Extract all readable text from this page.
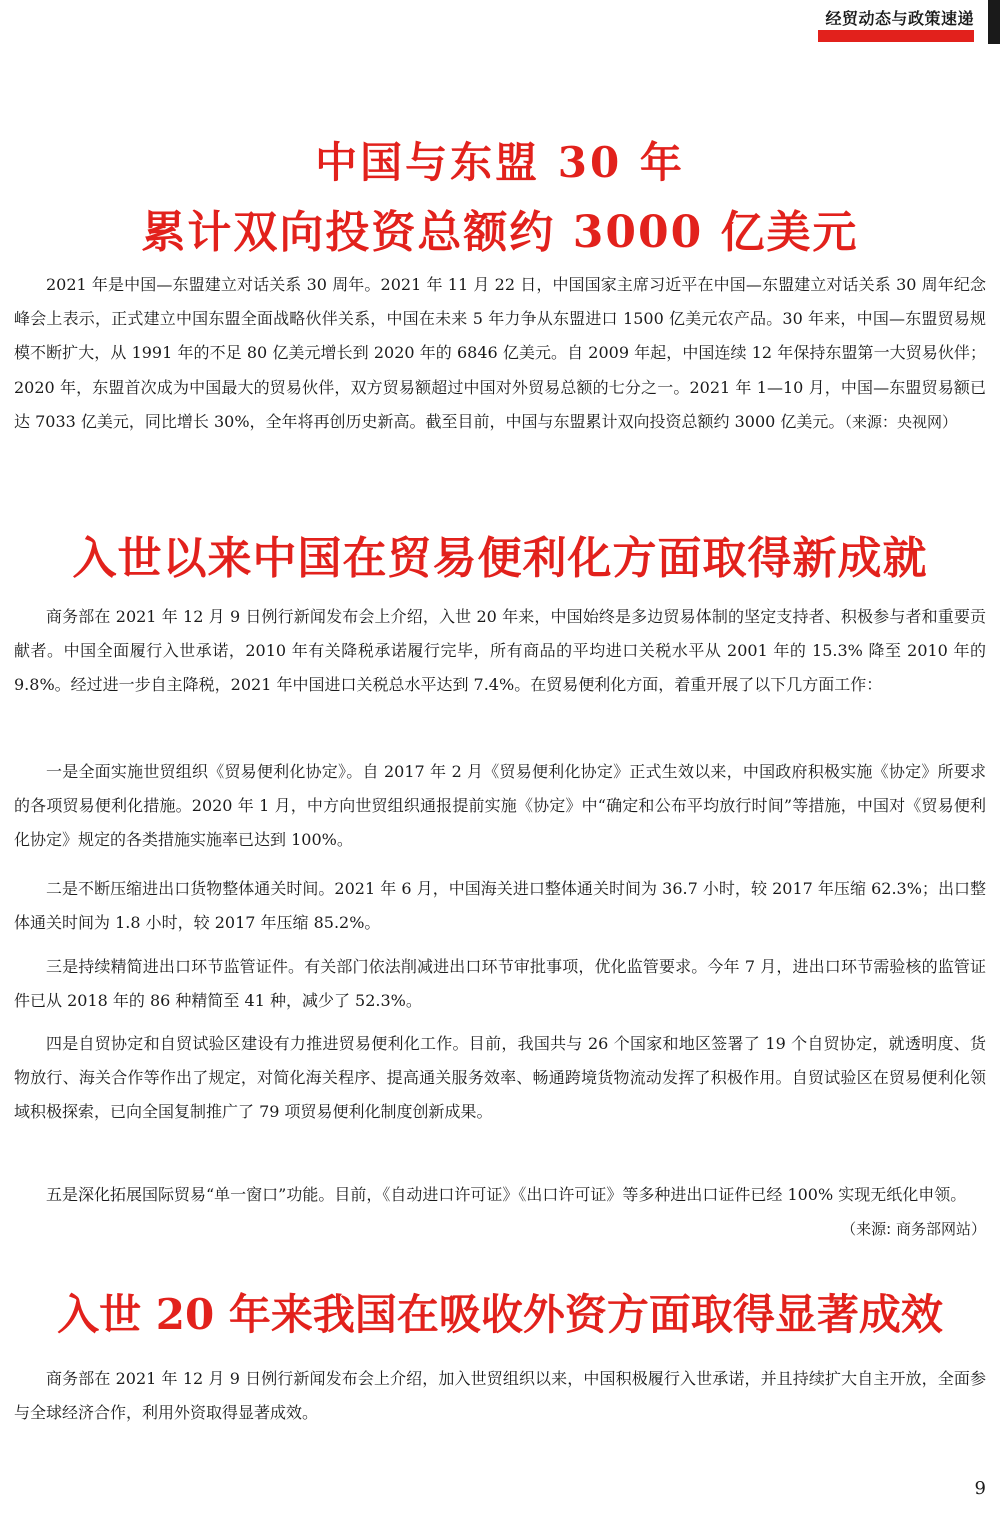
经贸动态与政策速递
中国与东盟 30 年
累计双向投资总额约 3000 亿美元

2021 年是中国—东盟建立对话关系 30 周年。2021 年 11 月 22 日，中国国家主席习近平在中国—东盟建立对话关系 30 周年纪念峰会上表示，正式建立中国东盟全面战略伙伴关系，中国在未来 5 年力争从东盟进口 1500 亿美元农产品。30 年来，中国—东盟贸易规模不断扩大，从 1991 年的不足 80 亿美元增长到 2020 年的 6846 亿美元。自 2009 年起，中国连续 12 年保持东盟第一大贸易伙伴；2020 年，东盟首次成为中国最大的贸易伙伴，双方贸易额超过中国对外贸易总额的七分之一。2021 年 1—10 月，中国—东盟贸易额已达 7033 亿美元，同比增长 30%，全年将再创历史新高。截至目前，中国与东盟累计双向投资总额约 3000 亿美元。（来源：央视网）

入世以来中国在贸易便利化方面取得新成就

商务部在 2021 年 12 月 9 日例行新闻发布会上介绍，入世 20 年来，中国始终是多边贸易体制的坚定支持者、积极参与者和重要贡献者。中国全面履行入世承诺，2010 年有关降税承诺履行完毕，所有商品的平均进口关税水平从 2001 年的 15.3% 降至 2010 年的 9.8%。经过进一步自主降税，2021 年中国进口关税总水平达到 7.4%。在贸易便利化方面，着重开展了以下几方面工作：

一是全面实施世贸组织《贸易便利化协定》。自 2017 年 2 月《贸易便利化协定》正式生效以来，中国政府积极实施《协定》所要求的各项贸易便利化措施。2020 年 1 月，中方向世贸组织通报提前实施《协定》中“确定和公布平均放行时间”等措施，中国对《贸易便利化协定》规定的各类措施实施率已达到 100%。

二是不断压缩进出口货物整体通关时间。2021 年 6 月，中国海关进口整体通关时间为 36.7 小时，较 2017 年压缩 62.3%；出口整体通关时间为 1.8 小时，较 2017 年压缩 85.2%。

三是持续精简进出口环节监管证件。有关部门依法削减进出口环节审批事项，优化监管要求。今年 7 月，进出口环节需验核的监管证件已从 2018 年的 86 种精简至 41 种，减少了 52.3%。

四是自贸协定和自贸试验区建设有力推进贸易便利化工作。目前，我国共与 26 个国家和地区签署了 19 个自贸协定，就透明度、货物放行、海关合作等作出了规定，对简化海关程序、提高通关服务效率、畅通跨境货物流动发挥了积极作用。自贸试验区在贸易便利化领域积极探索，已向全国复制推广了 79 项贸易便利化制度创新成果。

五是深化拓展国际贸易“单一窗口”功能。目前，《自动进口许可证》《出口许可证》等多种进出口证件已经 100% 实现无纸化申领。

（来源: 商务部网站）
入世 20 年来我国在吸收外资方面取得显著成效

商务部在 2021 年 12 月 9 日例行新闻发布会上介绍，加入世贸组织以来，中国积极履行入世承诺，并且持续扩大自主开放，全面参与全球经济合作，利用外资取得显著成效。

9
